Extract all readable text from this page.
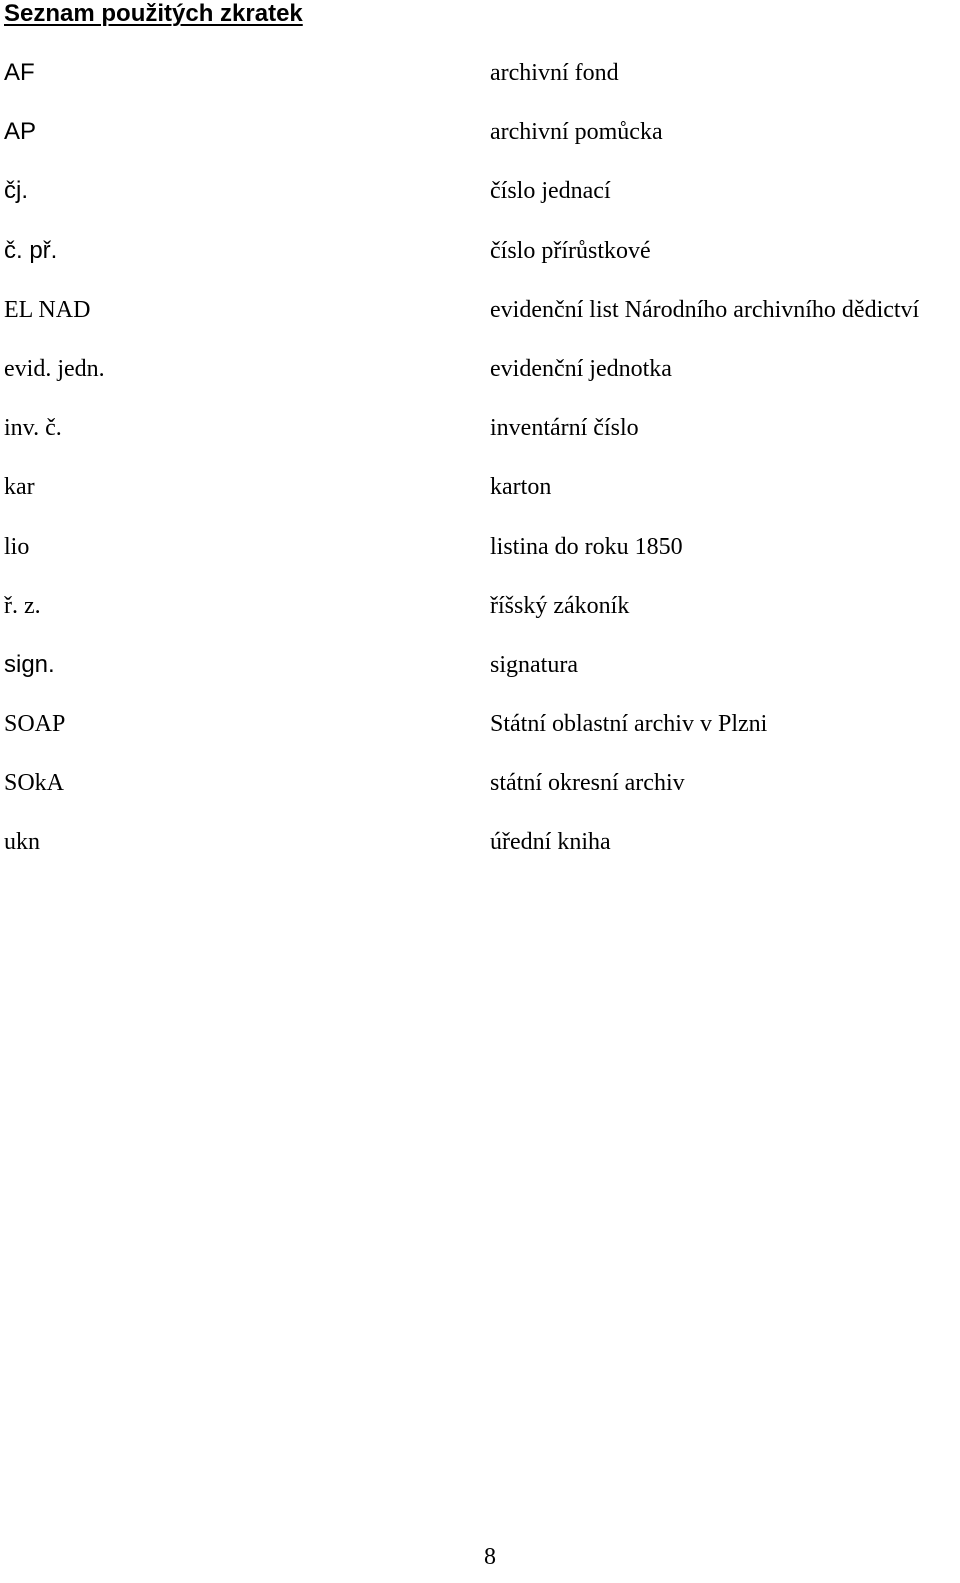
Seznam použitých zkratek
AF	archivní fond
AP	archivní pomůcka
čj.	číslo jednací
č. př.	číslo přírůstkové
EL NAD	evidenční list Národního archivního dědictví
evid. jedn.	evidenční jednotka
inv. č.	inventární číslo
kar	karton
lio	listina do roku 1850
ř. z.	říšský zákoník
sign.	signatura
SOAP	Státní oblastní archiv v Plzni
SOkA	státní okresní archiv
ukn	úřední kniha
8
